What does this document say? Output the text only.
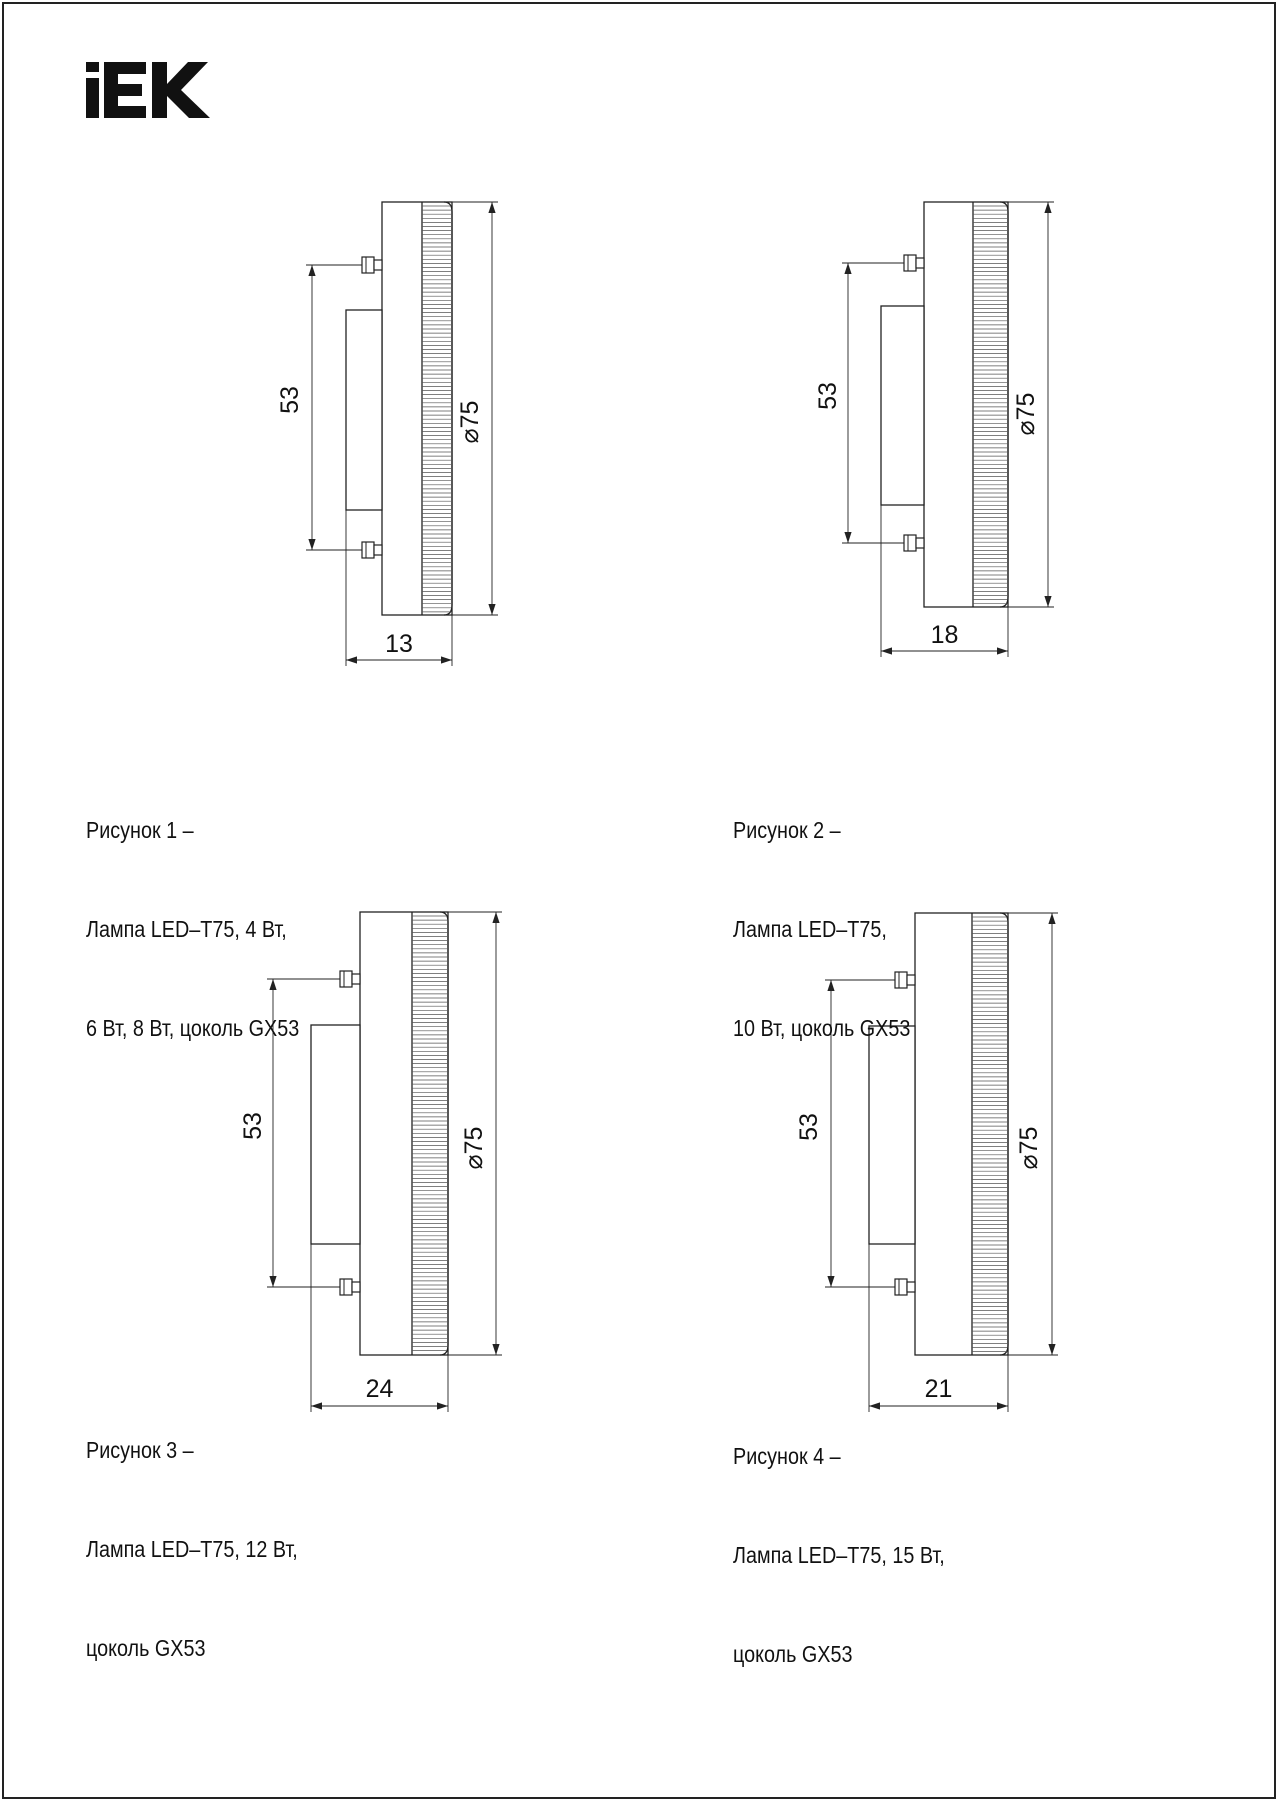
53
⌀75
13
53	⌀75
18
53
⌀75
24
53	⌀75
21

Рисунок 1 –

Лампа LED–T75, 4 Вт,

6 Вт, 8 Вт, цоколь GX53

Рисунок 2 –

Лампа LED–T75,

10 Вт, цоколь GX53

Рисунок 3 –

Лампа LED–T75, 12 Вт,

цоколь GX53

Рисунок 4 –

Лампа LED–T75, 15 Вт,

цоколь GX53
